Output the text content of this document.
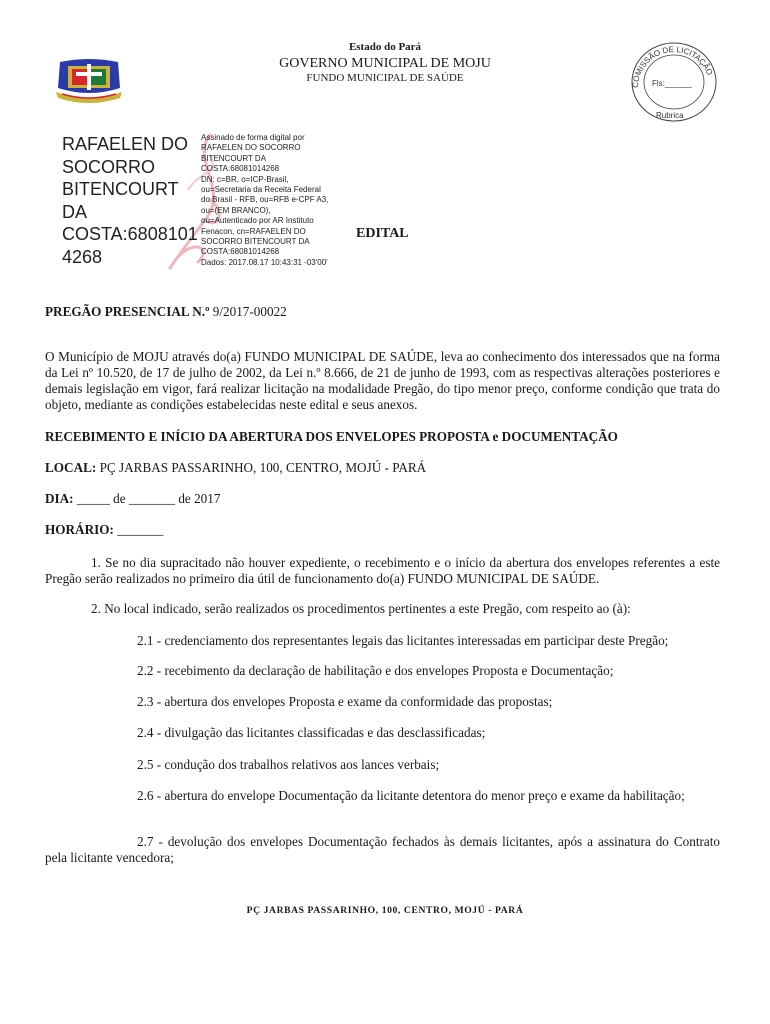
Estado do Pará
GOVERNO MUNICIPAL DE MOJU
FUNDO MUNICIPAL DE SAÚDE
COMISSÃO DE LICITAÇÃO
Fls:______
Rubrica
RAFAELEN DO
SOCORRO
BITENCOURT
DA
COSTA:6808101
4268
Assinado de forma digital por
RAFAELEN DO SOCORRO
BITENCOURT DA
COSTA:68081014268
DN: c=BR, o=ICP-Brasil,
ou=Secretaria da Receita Federal
do Brasil - RFB, ou=RFB e-CPF A3,
ou=(EM BRANCO),
ou=Autenticado por AR Instituto
Fenacon, cn=RAFAELEN DO
SOCORRO BITENCOURT DA
COSTA:68081014268
Dados: 2017.08.17 10:43:31 -03'00'
EDITAL
PREGÃO PRESENCIAL N.º 9/2017-00022
O Município de MOJU através do(a) FUNDO MUNICIPAL DE SAÚDE, leva ao conhecimento dos interessados que na forma da Lei nº 10.520, de 17 de julho de 2002, da Lei n.º 8.666, de 21 de junho de 1993, com as respectivas alterações posteriores e demais legislação em vigor, fará realizar licitação na modalidade Pregão, do tipo menor preço, conforme condição que trata do objeto, mediante as condições estabelecidas neste edital e seus anexos.
RECEBIMENTO E INÍCIO DA ABERTURA DOS ENVELOPES PROPOSTA e DOCUMENTAÇÃO
LOCAL: PÇ JARBAS PASSARINHO, 100, CENTRO, MOJÚ - PARÁ
DIA: _____ de _______ de 2017
HORÁRIO: _______
1. Se no dia supracitado não houver expediente, o recebimento e o início da abertura dos envelopes referentes a este Pregão serão realizados no primeiro dia útil de funcionamento do(a) FUNDO MUNICIPAL DE SAÚDE.
2. No local indicado, serão realizados os procedimentos pertinentes a este Pregão, com respeito ao (à):
2.1 - credenciamento dos representantes legais das licitantes interessadas em participar deste Pregão;
2.2 - recebimento da declaração de habilitação e dos envelopes Proposta e Documentação;
2.3 - abertura dos envelopes Proposta e exame da conformidade das propostas;
2.4 - divulgação das licitantes classificadas e das desclassificadas;
2.5 - condução dos trabalhos relativos aos lances verbais;
2.6 - abertura do envelope Documentação da licitante detentora do menor preço e exame da habilitação;
2.7 - devolução dos envelopes Documentação fechados às demais licitantes, após a assinatura do Contrato pela licitante vencedora;
PÇ JARBAS PASSARINHO, 100, CENTRO, MOJÚ - PARÁ
